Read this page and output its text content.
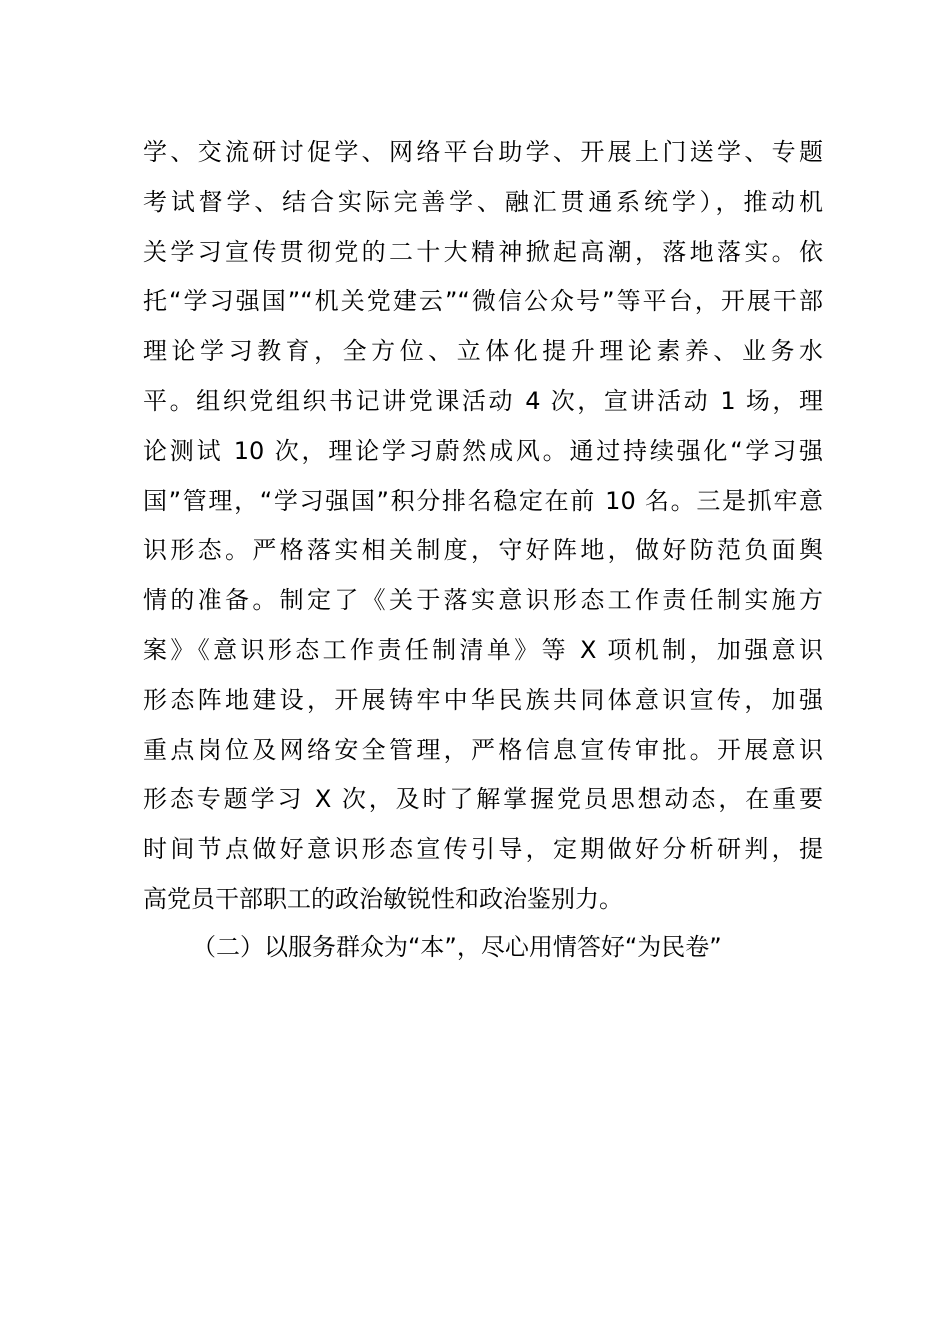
学、交流研讨促学、网络平台助学、开展上门送学、专题
考试督学、结合实际完善学、融汇贯通系统学），推动机
关学习宣传贯彻党的二十大精神掀起高潮，落地落实。依
托“学习强国”“机关党建云”“微信公众号”等平台，开展干部
理论学习教育，全方位、立体化提升理论素养、业务水
平。组织党组织书记讲党课活动 4 次，宣讲活动 1 场，理
论测试 10 次，理论学习蔚然成风。通过持续强化“学习强
国”管理，“学习强国”积分排名稳定在前 10 名。三是抓牢意
识形态。严格落实相关制度，守好阵地，做好防范负面舆
情的准备。制定了《关于落实意识形态工作责任制实施方
案》《意识形态工作责任制清单》等 X 项机制，加强意识
形态阵地建设，开展铸牢中华民族共同体意识宣传，加强
重点岗位及网络安全管理，严格信息宣传审批。开展意识
形态专题学习 X 次，及时了解掌握党员思想动态，在重要
时间节点做好意识形态宣传引导，定期做好分析研判，提
高党员干部职工的政治敏锐性和政治鉴别力。
（二）以服务群众为“本”，尽心用情答好“为民卷”
